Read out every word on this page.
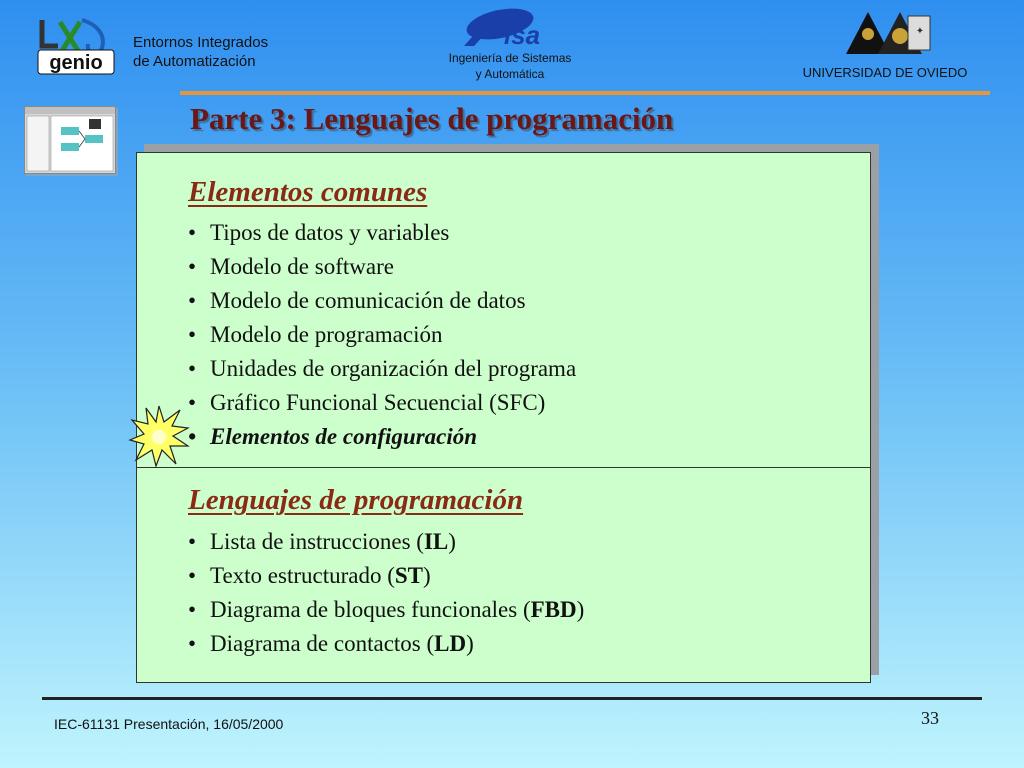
genio
Entornos Integrados
de Automatización
isa
Ingeniería de Sistemas
y Automática
✦
UNIVERSIDAD DE OVIEDO
Parte 3: Lenguajes de programación
Elementos comunes
• Tipos de datos y variables
• Modelo de software
• Modelo de comunicación de datos
• Modelo de programación
• Unidades de organización del programa
• Gráfico Funcional Secuencial (SFC)
• Elementos de configuración
Lenguajes de programación
• Lista de instrucciones (IL)
• Texto estructurado (ST)
• Diagrama de bloques funcionales (FBD)
• Diagrama de contactos (LD)
IEC-61131 Presentación, 16/05/2000	33
